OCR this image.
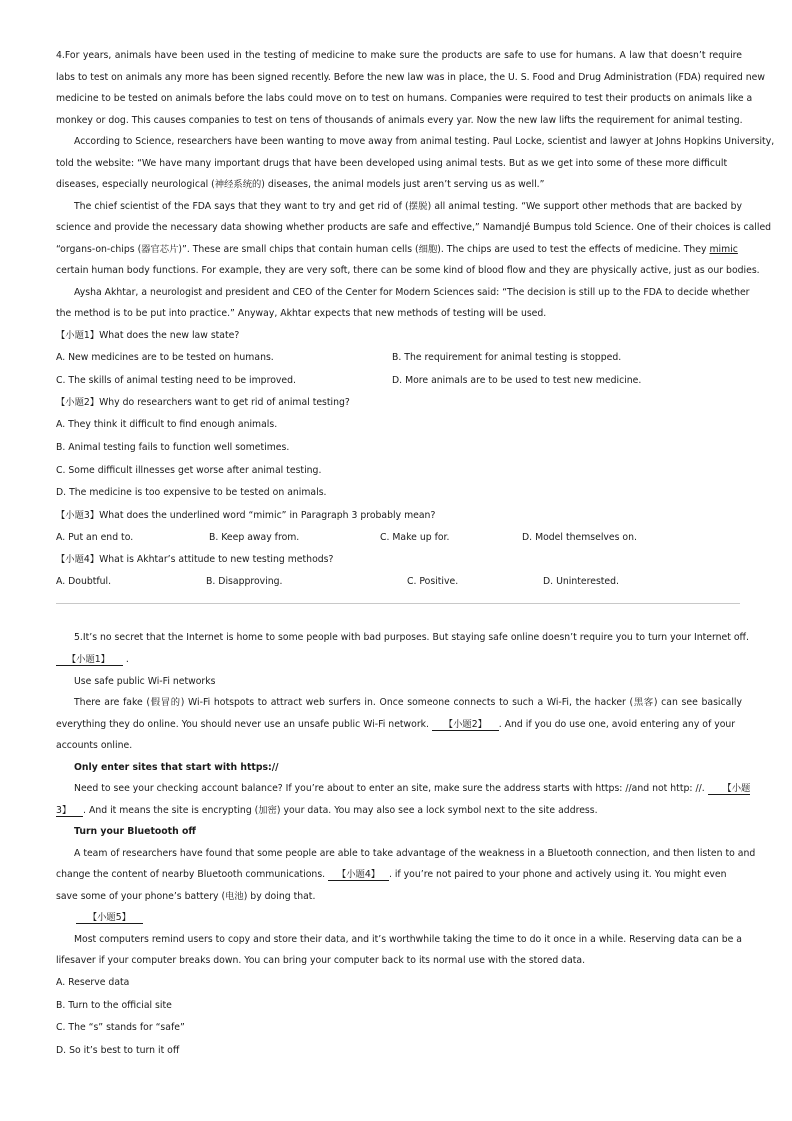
4.For years, animals have been used in the testing of medicine to make sure the products are safe to use for humans. A law that doesn’t require
labs to test on animals any more has been signed recently. Before the new law was in place, the U. S. Food and Drug Administration (FDA) required new
medicine to be tested on animals before the labs could move on to test on humans. Companies were required to test their products on animals like a
monkey or dog. This causes companies to test on tens of thousands of animals every yar. Now the new law lifts the requirement for animal testing.
According to Science, researchers have been wanting to move away from animal testing. Paul Locke, scientist and lawyer at Johns Hopkins University,
told the website: “We have many important drugs that have been developed using animal tests. But as we get into some of these more difficult
diseases, especially neurological (神经系统的) diseases, the animal models just aren’t serving us as well.”
The chief scientist of the FDA says that they want to try and get rid of (摆脱) all animal testing. “We support other methods that are backed by
science and provide the necessary data showing whether products are safe and effective,” Namandjé Bumpus told Science. One of their choices is called
“organs-on-chips (器官芯片)”. These are small chips that contain human cells (细胞). The chips are used to test the effects of medicine. They mimic
certain human body functions. For example, they are very soft, there can be some kind of blood flow and they are physically active, just as our bodies.
Aysha Akhtar, a neurologist and president and CEO of the Center for Modern Sciences said: “The decision is still up to the FDA to decide whether
the method is to be put into practice.” Anyway, Akhtar expects that new methods of testing will be used.
【小题1】What does the new law state?
A. New medicines are to be tested on humans.	B. The requirement for animal testing is stopped.
C. The skills of animal testing need to be improved.	D. More animals are to be used to test new medicine.
【小题2】Why do researchers want to get rid of animal testing?
A. They think it difficult to find enough animals.
B. Animal testing fails to function well sometimes.
C. Some difficult illnesses get worse after animal testing.
D. The medicine is too expensive to be tested on animals.
【小题3】What does the underlined word “mimic” in Paragraph 3 probably mean?
A. Put an end to.	B. Keep away from.	C. Make up for.	D. Model themselves on.
【小题4】What is Akhtar’s attitude to new testing methods?
A. Doubtful.	B. Disapproving.	C. Positive.	D. Uninterested.
5.It’s no secret that the Internet is home to some people with bad purposes. But staying safe online doesn’t require you to turn your Internet off.
【小题1】    .
Use safe public Wi-Fi networks
There are fake (假冒的) Wi-Fi hotspots to attract web surfers in. Once someone connects to such a Wi-Fi, the hacker (黑客) can see basically
everything they do online. You should never use an unsafe public Wi-Fi network.     【小题2】 . And if you do use one, avoid entering any of your
accounts online.
Only enter sites that start with https://
Need to see your checking account balance? If you’re about to enter an site, make sure the address starts with https: //and not http: //.      【小题
3】 . And it means the site is encrypting (加密) your data. You may also see a lock symbol next to the site address.
Turn your Bluetooth off
A team of researchers have found that some people are able to take advantage of the weakness in a Bluetooth connection, and then listen to and
change the content of nearby Bluetooth communications.    【小题4】 . if you’re not paired to your phone and actively using it. You might even
save some of your phone’s battery (电池) by doing that.
【小题5】
Most computers remind users to copy and store their data, and it’s worthwhile taking the time to do it once in a while. Reserving data can be a
lifesaver if your computer breaks down. You can bring your computer back to its normal use with the stored data.
A. Reserve data
B. Turn to the official site
C. The “s” stands for “safe”
D. So it’s best to turn it off
